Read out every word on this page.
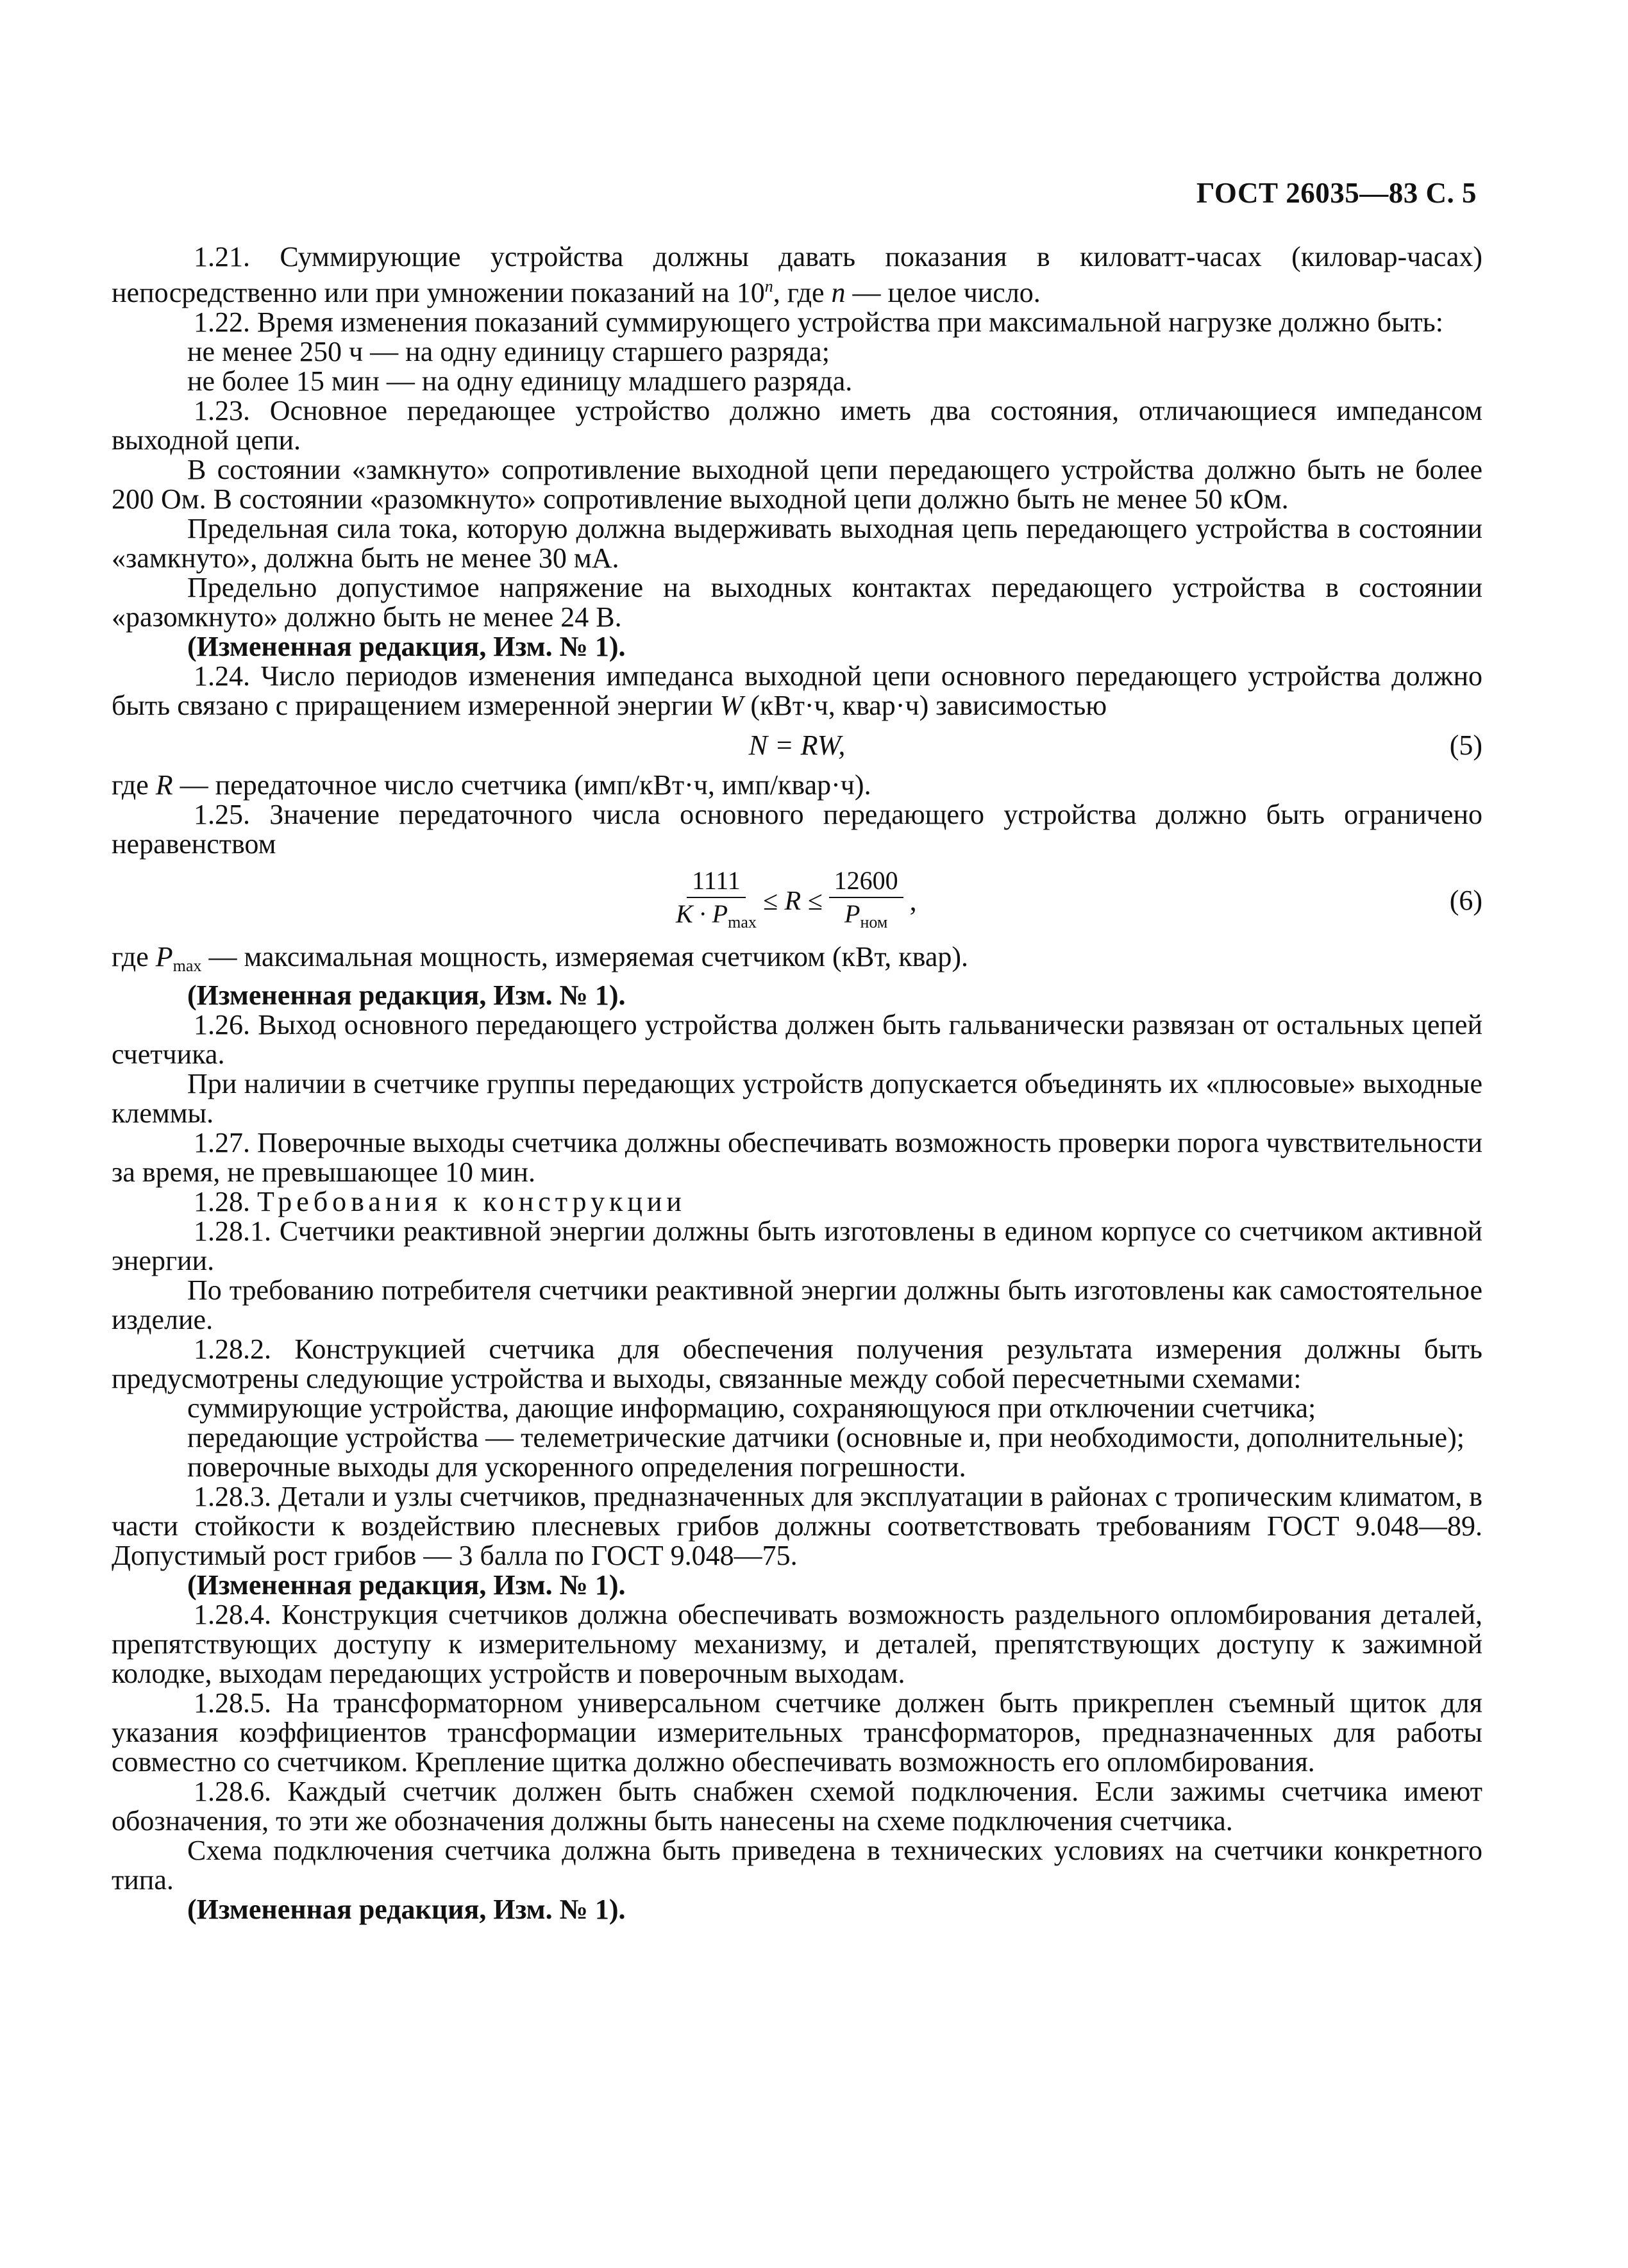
ГОСТ 26035—83 С. 5

1.21. Суммирующие устройства должны давать показания в киловатт-часах (киловар-часах) непосредственно или при умножении показаний на 10$^n$, где n — целое число.

1.22. Время изменения показаний суммирующего устройства при максимальной нагрузке должно быть:

не менее 250 ч — на одну единицу старшего разряда;

не более 15 мин — на одну единицу младшего разряда.

1.23. Основное передающее устройство должно иметь два состояния, отличающиеся импедансом выходной цепи.

В состоянии «замкнуто» сопротивление выходной цепи передающего устройства должно быть не более 200 Ом. В состоянии «разомкнуто» сопротивление выходной цепи должно быть не менее 50 кОм.

Предельная сила тока, которую должна выдерживать выходная цепь передающего устройства в состоянии «замкнуто», должна быть не менее 30 мА.

Предельно допустимое напряжение на выходных контактах передающего устройства в состоянии «разомкнуто» должно быть не менее 24 В.

(Измененная редакция, Изм. № 1).

1.24. Число периодов изменения импеданса выходной цепи основного передающего устройства должно быть связано с приращением измеренной энергии W (кВт·ч, квар·ч) зависимостью

N = RW,	(5)

где R — передаточное число счетчика (имп/кВт·ч, имп/квар·ч).

1.25. Значение передаточного числа основного передающего устройства должно быть ограничено неравенством

$\frac{1111}{K \cdot P_{max}} \le R \le \frac{12600}{P_{ном}}$ ,	(6)

где $P_{max}$ — максимальная мощность, измеряемая счетчиком (кВт, квар).

(Измененная редакция, Изм. № 1).

1.26. Выход основного передающего устройства должен быть гальванически развязан от остальных цепей счетчика.

При наличии в счетчике группы передающих устройств допускается объединять их «плюсовые» выходные клеммы.

1.27. Поверочные выходы счетчика должны обеспечивать возможность проверки порога чувствительности за время, не превышающее 10 мин.

1.28. Требования к конструкции

1.28.1. Счетчики реактивной энергии должны быть изготовлены в едином корпусе со счетчиком активной энергии.

По требованию потребителя счетчики реактивной энергии должны быть изготовлены как самостоятельное изделие.

1.28.2. Конструкцией счетчика для обеспечения получения результата измерения должны быть предусмотрены следующие устройства и выходы, связанные между собой пересчетными схемами:

суммирующие устройства, дающие информацию, сохраняющуюся при отключении счетчика;

передающие устройства — телеметрические датчики (основные и, при необходимости, дополнительные);

поверочные выходы для ускоренного определения погрешности.

1.28.3. Детали и узлы счетчиков, предназначенных для эксплуатации в районах с тропическим климатом, в части стойкости к воздействию плесневых грибов должны соответствовать требованиям ГОСТ 9.048—89. Допустимый рост грибов — 3 балла по ГОСТ 9.048—75.

(Измененная редакция, Изм. № 1).

1.28.4. Конструкция счетчиков должна обеспечивать возможность раздельного опломбирования деталей, препятствующих доступу к измерительному механизму, и деталей, препятствующих доступу к зажимной колодке, выходам передающих устройств и поверочным выходам.

1.28.5. На трансформаторном универсальном счетчике должен быть прикреплен съемный щиток для указания коэффициентов трансформации измерительных трансформаторов, предназначенных для работы совместно со счетчиком. Крепление щитка должно обеспечивать возможность его опломбирования.

1.28.6. Каждый счетчик должен быть снабжен схемой подключения. Если зажимы счетчика имеют обозначения, то эти же обозначения должны быть нанесены на схеме подключения счетчика.

Схема подключения счетчика должна быть приведена в технических условиях на счетчики конкретного типа.

(Измененная редакция, Изм. № 1).
